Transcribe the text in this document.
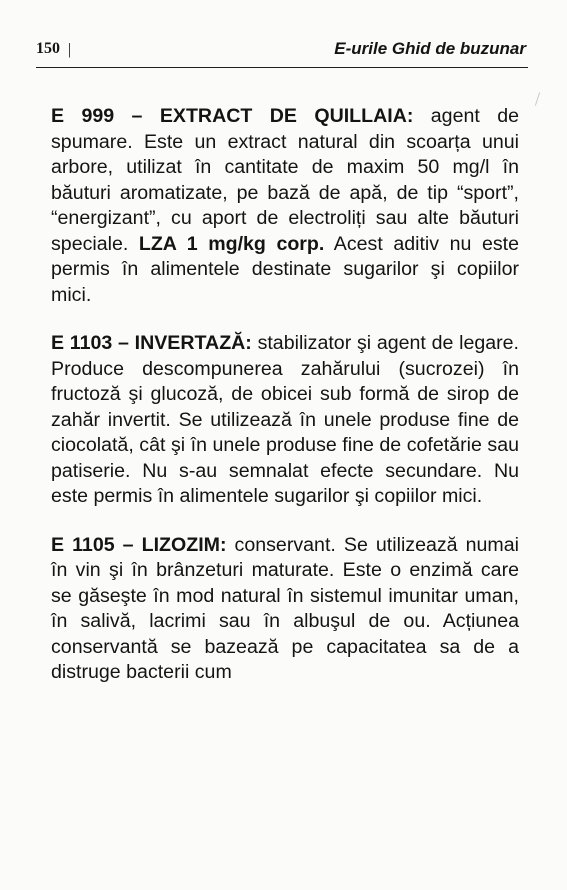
150 |	E-urile Ghid de buzunar

E 999 – EXTRACT DE QUILLAIA: agent de spumare. Este un extract natural din scoarța unui arbore, utilizat în cantitate de maxim 50 mg/l în băuturi aromatizate, pe bază de apă, de tip “sport”, “energizant”, cu aport de electroliți sau alte băuturi speciale. LZA 1 mg/kg corp. Acest aditiv nu este permis în alimentele destinate sugarilor şi copiilor mici.

E 1103 – INVERTAZĂ: stabilizator şi agent de legare. Produce descompunerea zahărului (sucrozei) în fructoză şi glucoză, de obicei sub formă de sirop de zahăr invertit. Se utilizează în unele produse fine de ciocolată, cât şi în unele produse fine de cofetărie sau patiserie. Nu s-au semnalat efecte secundare. Nu este permis în alimentele sugarilor şi copiilor mici.

E 1105 – LIZOZIM: conservant. Se utilizează numai în vin şi în brânzeturi maturate. Este o enzimă care se găseşte în mod natural în sistemul imunitar uman, în salivă, lacrimi sau în albuşul de ou. Acțiunea conservantă se bazează pe capacitatea sa de a distruge bacterii cum
